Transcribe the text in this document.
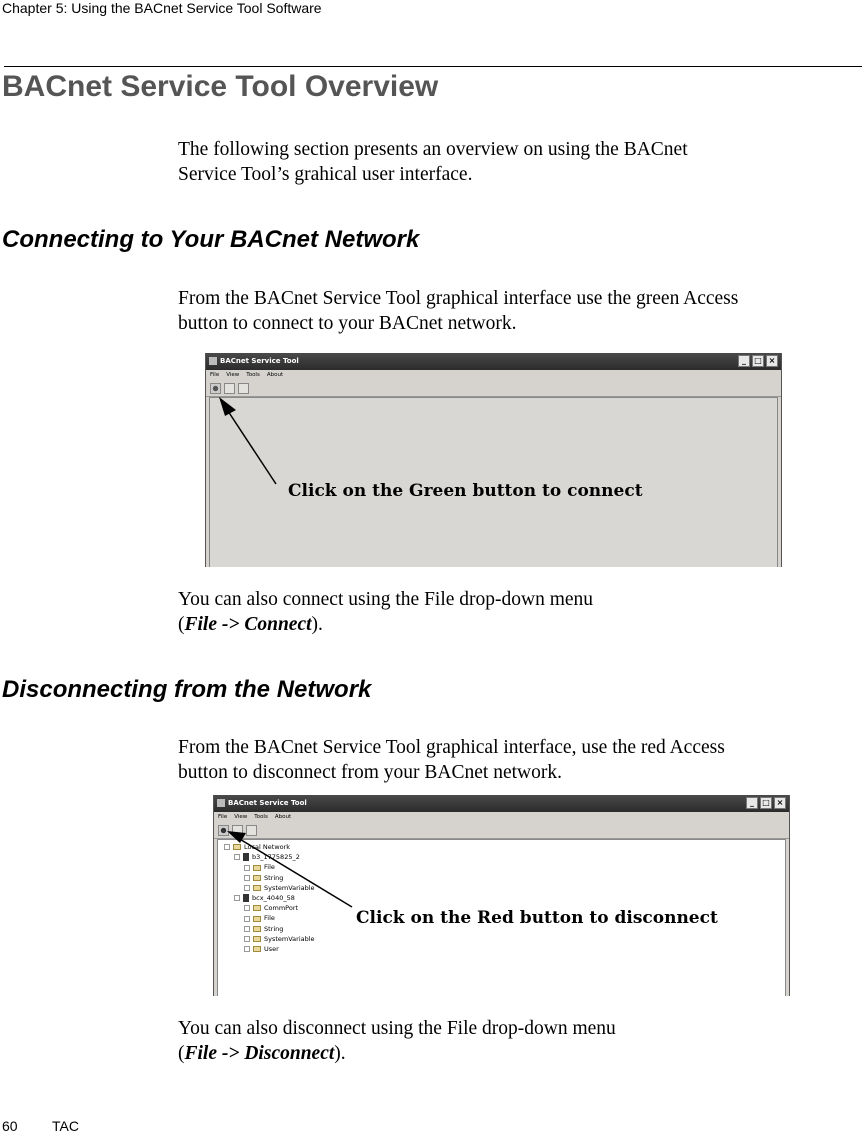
Chapter 5: Using the BACnet Service Tool Software
BACnet Service Tool Overview
The following section presents an overview on using the BACnet
Service Tool’s grahical user interface.
Connecting to Your BACnet Network
From the BACnet Service Tool graphical interface use the green Access
button to connect to your BACnet network.
BACnet Service Tool	_	□ ×
File View Tools About
Click on the Green button to connect
You can also connect using the File drop-down menu
(File -> Connect).
Disconnecting from the Network
From the BACnet Service Tool graphical interface, use the red Access
button to disconnect from your BACnet network.
BACnet Service Tool	_	□ ×
File View Tools About
Local Network
b3_1775825_2
File
String
SystemVariable
bcx_4040_58
CommPort
File
String
SystemVariable
User
Click on the Red button to disconnect
You can also disconnect using the File drop-down menu
(File -> Disconnect).
60 TAC
